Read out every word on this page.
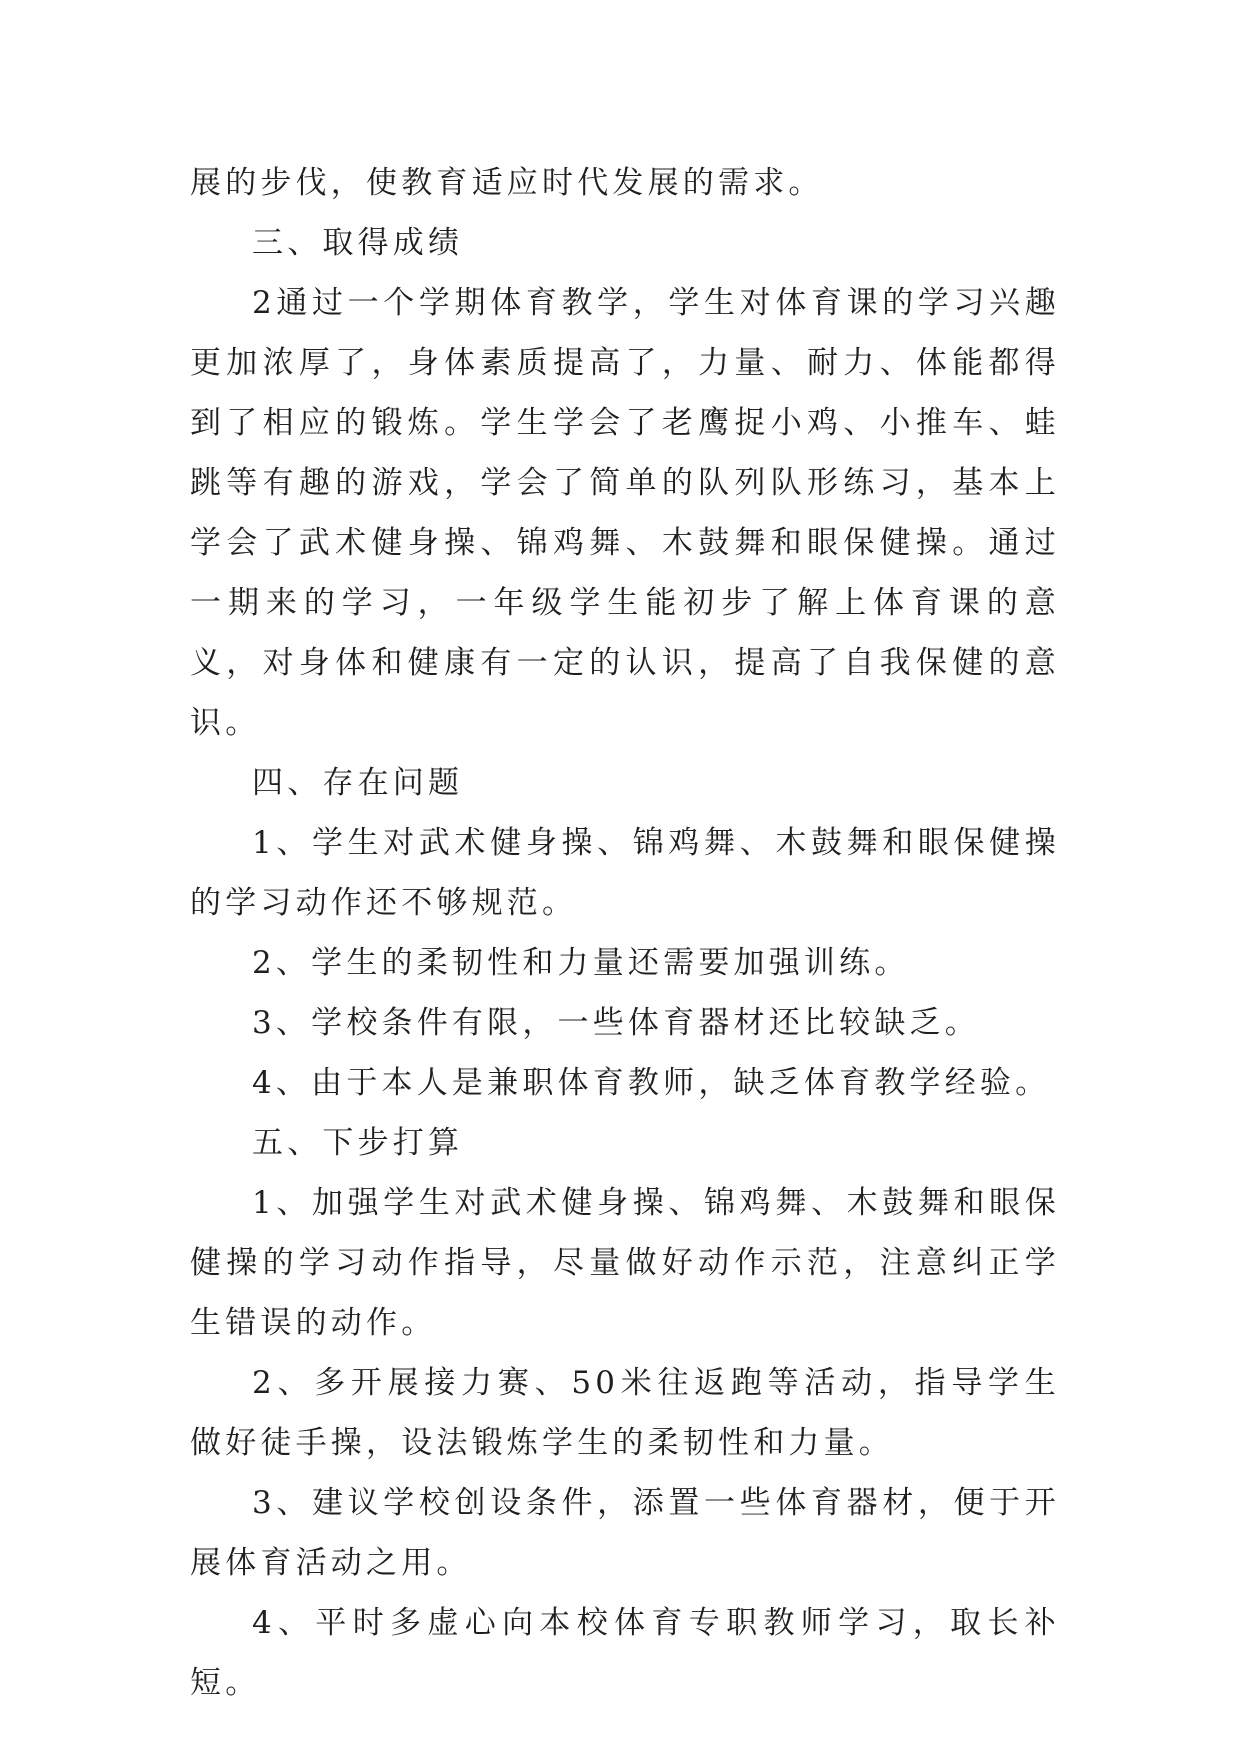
展的步伐，使教育适应时代发展的需求。

三、取得成绩

2通过一个学期体育教学，学生对体育课的学习兴趣更加浓厚了，身体素质提高了，力量、耐力、体能都得到了相应的锻炼。学生学会了老鹰捉小鸡、小推车、蛙跳等有趣的游戏，学会了简单的队列队形练习，基本上学会了武术健身操、锦鸡舞、木鼓舞和眼保健操。通过一期来的学习，一年级学生能初步了解上体育课的意义，对身体和健康有一定的认识，提高了自我保健的意识。

四、存在问题

1、学生对武术健身操、锦鸡舞、木鼓舞和眼保健操的学习动作还不够规范。

2、学生的柔韧性和力量还需要加强训练。

3、学校条件有限，一些体育器材还比较缺乏。

4、由于本人是兼职体育教师，缺乏体育教学经验。

五、下步打算

1、加强学生对武术健身操、锦鸡舞、木鼓舞和眼保健操的学习动作指导，尽量做好动作示范，注意纠正学生错误的动作。

2、多开展接力赛、50米往返跑等活动，指导学生做好徒手操，设法锻炼学生的柔韧性和力量。

3、建议学校创设条件，添置一些体育器材，便于开展体育活动之用。

4、平时多虚心向本校体育专职教师学习，取长补短。
